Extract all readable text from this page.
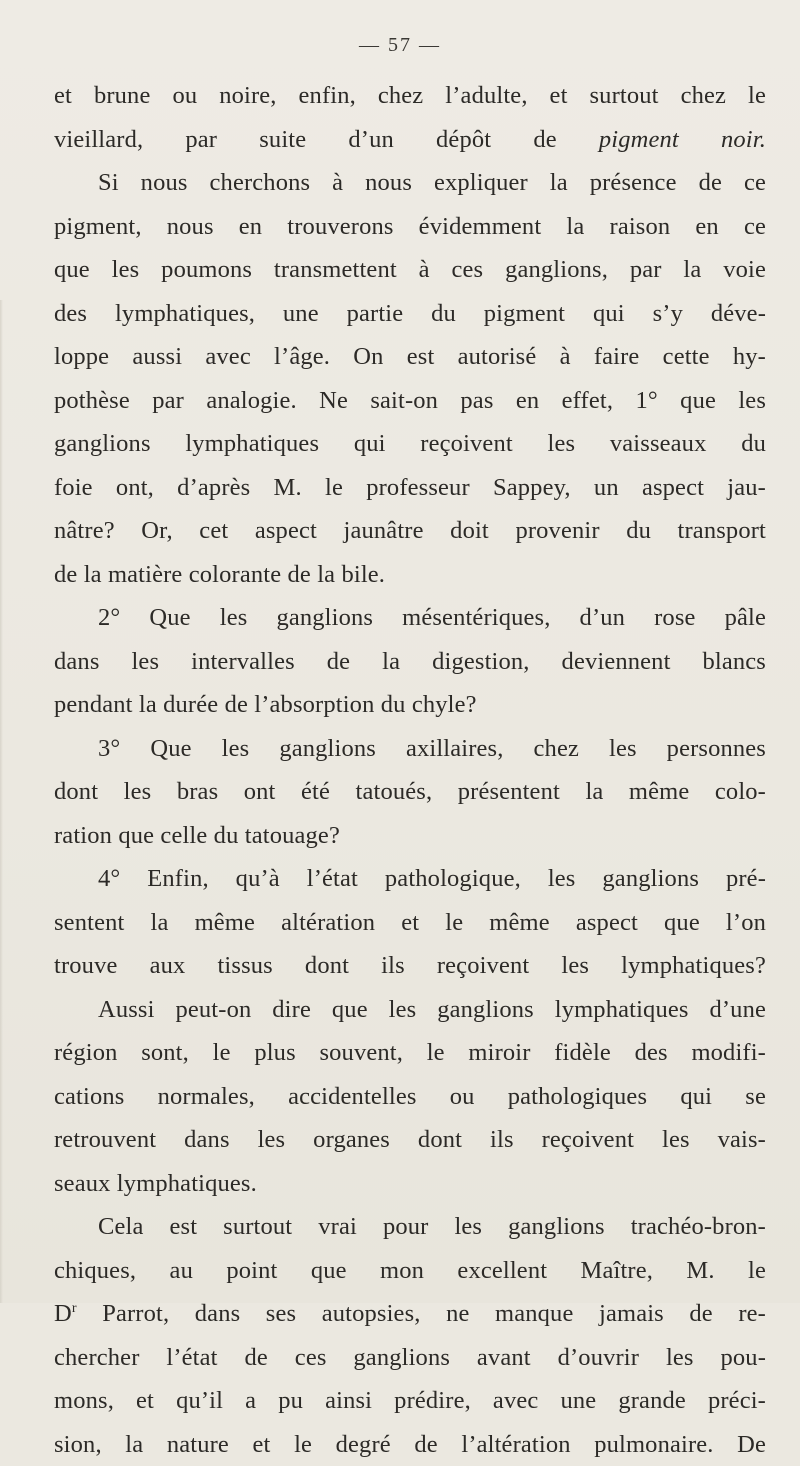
— 57 —
et brune ou noire, enfin, chez l’adulte, et surtout chez le
vieillard, par suite d’un dépôt de pigment noir.
Si nous cherchons à nous expliquer la présence de ce
pigment, nous en trouverons évidemment la raison en ce
que les poumons transmettent à ces ganglions, par la voie
des lymphatiques, une partie du pigment qui s’y déve-
loppe aussi avec l’âge. On est autorisé à faire cette hy-
pothèse par analogie. Ne sait-on pas en effet, 1° que les
ganglions lymphatiques qui reçoivent les vaisseaux du
foie ont, d’après M. le professeur Sappey, un aspect jau-
nâtre? Or, cet aspect jaunâtre doit provenir du transport
de la matière colorante de la bile.
2° Que les ganglions mésentériques, d’un rose pâle
dans les intervalles de la digestion, deviennent blancs
pendant la durée de l’absorption du chyle?
3° Que les ganglions axillaires, chez les personnes
dont les bras ont été tatoués, présentent la même colo-
ration que celle du tatouage?
4° Enfin, qu’à l’état pathologique, les ganglions pré-
sentent la même altération et le même aspect que l’on
trouve aux tissus dont ils reçoivent les lymphatiques?
Aussi peut-on dire que les ganglions lymphatiques d’une
région sont, le plus souvent, le miroir fidèle des modifi-
cations normales, accidentelles ou pathologiques qui se
retrouvent dans les organes dont ils reçoivent les vais-
seaux lymphatiques.
Cela est surtout vrai pour les ganglions trachéo-bron-
chiques, au point que mon excellent Maître, M. le
$D^r$ Parrot, dans ses autopsies, ne manque jamais de re-
chercher l’état de ces ganglions avant d’ouvrir les pou-
mons, et qu’il a pu ainsi prédire, avec une grande préci-
sion, la nature et le degré de l’altération pulmonaire. De
